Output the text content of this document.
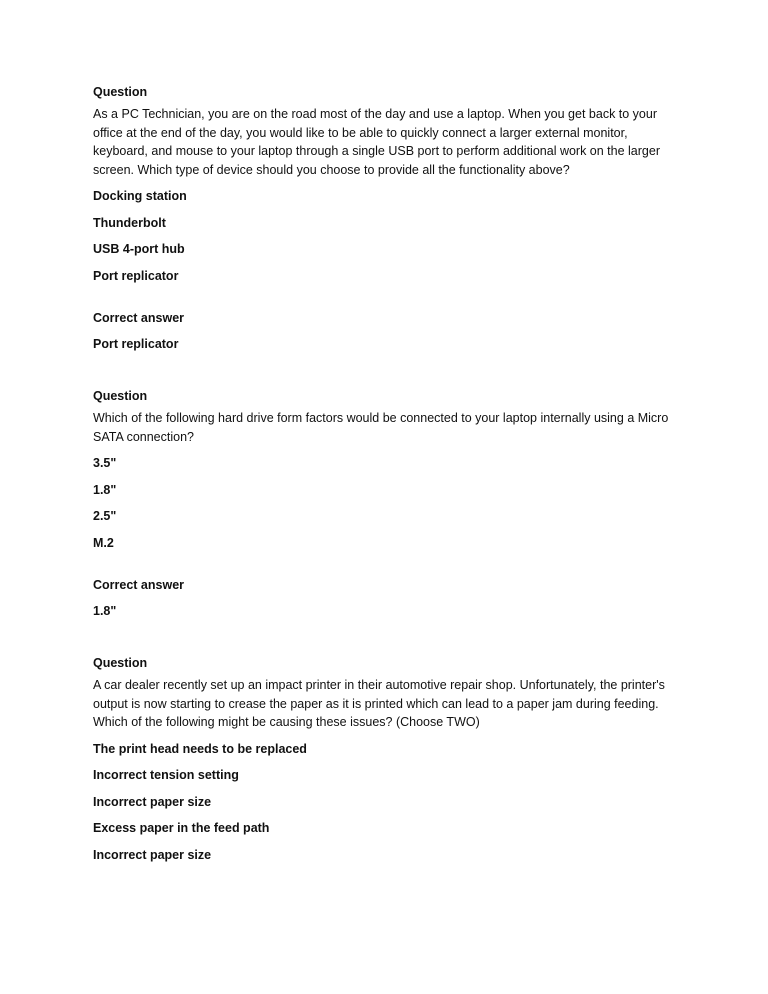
Question
As a PC Technician, you are on the road most of the day and use a laptop. When you get back to your office at the end of the day, you would like to be able to quickly connect a larger external monitor, keyboard, and mouse to your laptop through a single USB port to perform additional work on the larger screen. Which type of device should you choose to provide all the functionality above?
Docking station
Thunderbolt
USB 4-port hub
Port replicator
Correct answer
Port replicator
Question
Which of the following hard drive form factors would be connected to your laptop internally using a Micro SATA connection?
3.5"
1.8"
2.5"
M.2
Correct answer
1.8"
Question
A car dealer recently set up an impact printer in their automotive repair shop. Unfortunately, the printer's output is now starting to crease the paper as it is printed which can lead to a paper jam during feeding. Which of the following might be causing these issues? (Choose TWO)
The print head needs to be replaced
Incorrect tension setting
Incorrect paper size
Excess paper in the feed path
Incorrect paper size
